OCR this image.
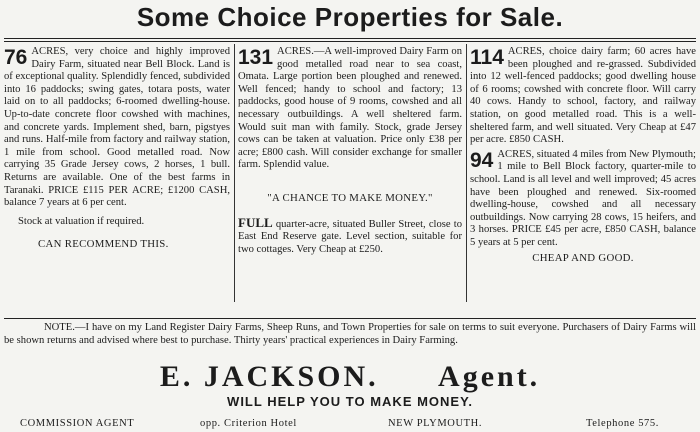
Some Choice Properties for Sale.
76 ACRES, very choice and highly improved Dairy Farm, situated near Bell Block. Land is of exceptional quality. Splendidly fenced, subdivided into 16 paddocks; swing gates, totara posts, water laid on to all paddocks; 6-roomed dwelling-house. Up-to-date concrete floor cowshed with machines, and concrete yards. Implement shed, barn, pigstyes and runs. Half-mile from factory and railway station, 1 mile from school. Good metalled road. Now carrying 35 Grade Jersey cows, 2 horses, 1 bull. Returns are available. One of the best farms in Taranaki. PRICE £115 PER ACRE; £1200 CASH, balance 7 years at 6 per cent.

Stock at valuation if required.

CAN RECOMMEND THIS.

131 ACRES.—A well-improved Dairy Farm on good metalled road near to sea coast, Omata. Large portion been ploughed and renewed. Well fenced; handy to school and factory; 13 paddocks, good house of 9 rooms, cowshed and all necessary outbuildings. A well sheltered farm. Would suit man with family. Stock, grade Jersey cows can be taken at valuation. Price only £38 per acre; £800 cash. Will consider exchange for smaller farm. Splendid value.

"A CHANCE TO MAKE MONEY."

FULL quarter-acre, situated Buller Street, close to East End Reserve gate. Level section, suitable for two cottages. Very Cheap at £250.

114 ACRES, choice dairy farm; 60 acres have been ploughed and re-grassed. Subdivided into 12 well-fenced paddocks; good dwelling house of 6 rooms; cowshed with concrete floor. Will carry 40 cows. Handy to school, factory, and railway station, on good metalled road. This is a well-sheltered farm, and well situated. Very Cheap at £47 per acre. £850 CASH.

94 ACRES, situated 4 miles from New Plymouth; 1 mile to Bell Block factory, quarter-mile to school. Land is all level and well improved; 45 acres have been ploughed and renewed. Six-roomed dwelling-house, cowshed and all necessary outbuildings. Now carrying 28 cows, 15 heifers, and 3 horses. PRICE £45 per acre, £850 CASH, balance 5 years at 5 per cent.

CHEAP AND GOOD.

NOTE.—I have on my Land Register Dairy Farms, Sheep Runs, and Town Properties for sale on terms to suit everyone. Purchasers of Dairy Farms will be shown returns and advised where best to purchase. Thirty years' practical experiences in Dairy Farming.

E. JACKSON. Agent.
WILL HELP YOU TO MAKE MONEY.
COMMISSION AGENT	opp. Criterion Hotel	NEW PLYMOUTH.	Telephone 575.
